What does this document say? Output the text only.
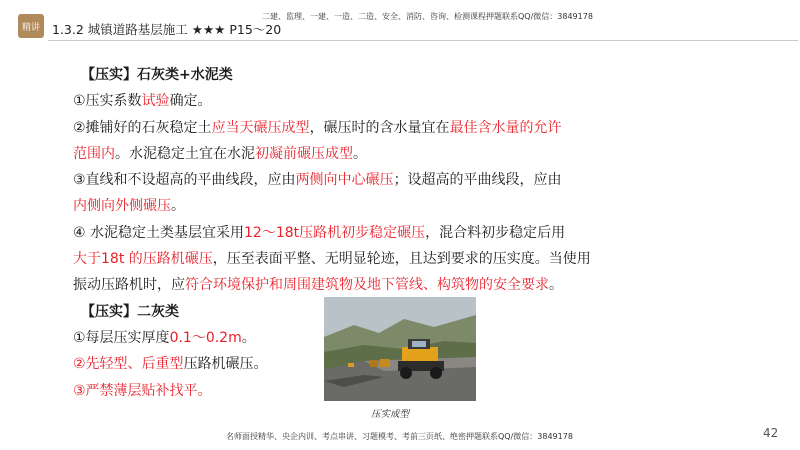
精讲 1.3.2 城镇道路基层施工 ★★★ P15～20
二建、监理、一建、一造、二造、安全、消防、咨询、检测课程押题联系QQ/微信：3849178
【压实】石灰类+水泥类
①压实系数试验确定。
②摊铺好的石灰稳定土应当天碾压成型，碾压时的含水量宜在最佳含水量的允许
范围内。水泥稳定土宜在水泥初凝前碾压成型。
③直线和不设超高的平曲线段，应由两侧向中心碾压；设超高的平曲线段，应由
内侧向外侧碾压。
④ 水泥稳定土类基层宜采用12～18t压路机初步稳定碾压，混合料初步稳定后用
大于18t 的压路机碾压，压至表面平整、无明显轮迹，且达到要求的压实度。当使用
振动压路机时，应符合环境保护和周围建筑物及地下管线、构筑物的安全要求。
【压实】二灰类
①每层压实厚度0.1～0.2m。
②先轻型、后重型压路机碾压。
③严禁薄层贴补找平。
压实成型
名师面授精华、央企内训、考点串讲、习题模考、考前三页纸、绝密押题联系QQ/微信：3849178	42
